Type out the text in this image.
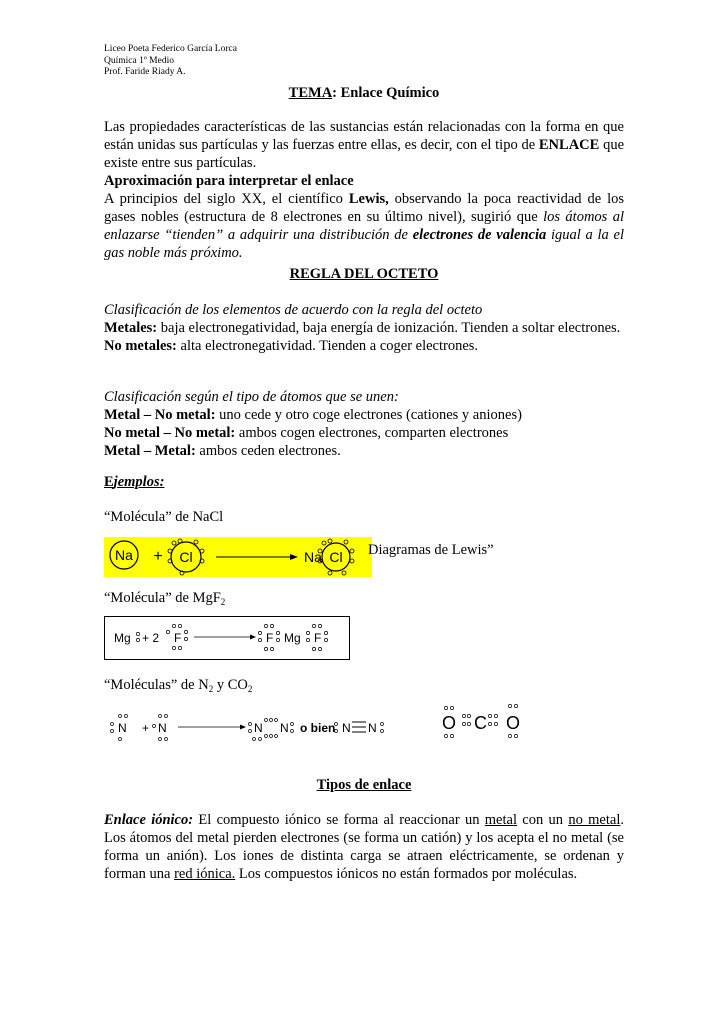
Liceo Poeta Federico García Lorca
Química 1º Medio
Prof. Faride Riady A.
TEMA: Enlace Químico
Las propiedades características de las sustancias están relacionadas con la forma en que están unidas sus partículas y las fuerzas entre ellas, es decir, con el tipo de ENLACE que existe entre sus partículas.
Aproximación para interpretar el enlace
A principios del siglo XX, el científico Lewis, observando la poca reactividad de los gases nobles (estructura de 8 electrones en su último nivel), sugirió que los átomos al enlazarse “tienden” a adquirir una distribución de electrones de valencia igual a la el gas noble más próximo.
REGLA DEL OCTETO
Clasificación de los elementos de acuerdo con la regla del octeto
Metales: baja electronegatividad, baja energía de ionización. Tienden a soltar electrones.
No metales: alta electronegatividad. Tienden a coger electrones.
Clasificación según el tipo de átomos que se unen:
Metal – No metal: uno cede y otro coge electrones (cationes y aniones)
No metal – No metal: ambos cogen electrones, comparten electrones
Metal – Metal: ambos ceden electrones.
Ejemplos:
“Molécula” de NaCl
Na + Cl	Na Cl Diagramas de Lewis”
“Molécula” de MgF$_2$
Mg + 2 F	F Mg F
“Moléculas” de $N_2$ y $CO_2$
N + N	N N o bien N N	O C O
Tipos de enlace
Enlace iónico: El compuesto iónico se forma al reaccionar un metal con un no metal. Los átomos del metal pierden electrones (se forma un catión) y los acepta el no metal (se forma un anión). Los iones de distinta carga se atraen eléctricamente, se ordenan y forman una red iónica. Los compuestos iónicos no están formados por moléculas.
